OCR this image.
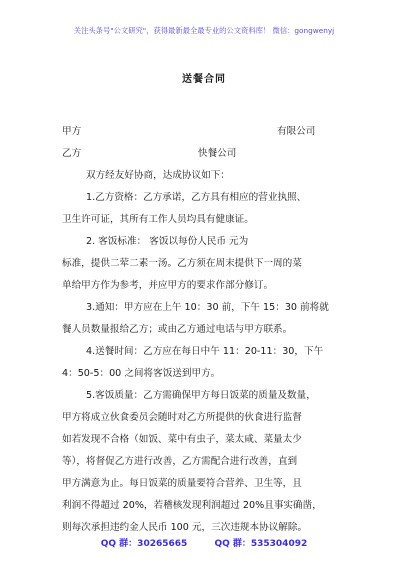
关注头条号"公文研究"，获得最新最全最专业的公文资料库！ 微信：gongwenyj
送餐合同
甲方	有限公司
乙方	快餐公司
双方经友好协商，达成协议如下：
1.乙方资格：乙方承诺，乙方具有相应的营业执照、
卫生许可证，其所有工作人员均具有健康证。
2. 客饭标准： 客饭以每份人民币 元为
标准，提供二荤二素一汤。乙方须在周末提供下一周的菜
单给甲方作为参考，并应甲方的要求作部分修订。
3.通知：甲方应在上午 10：30 前，下午 15：30 前将就
餐人员数量报给乙方；或由乙方通过电话与甲方联系。
4.送餐时间：乙方应在每日中午 11：20-11：30，下午
4：50-5：00 之间将客饭送到甲方。
5.客饭质量：乙方需确保甲方每日饭菜的质量及数量，
甲方将成立伙食委员会随时对乙方所提供的伙食进行监督
如若发现不合格（如饭、菜中有虫子，菜太咸、菜量太少
等），将督促乙方进行改善，乙方需配合进行改善，直到
甲方满意为止。每日饭菜的质量要符合营养、卫生等，且
利润不得超过 20%，若稽核发现利润超过 20%且事实确凿，
则每次承担违约金人民币 100 元，三次违规本协议解除。
QQ 群：30265665	QQ 群：535304092
